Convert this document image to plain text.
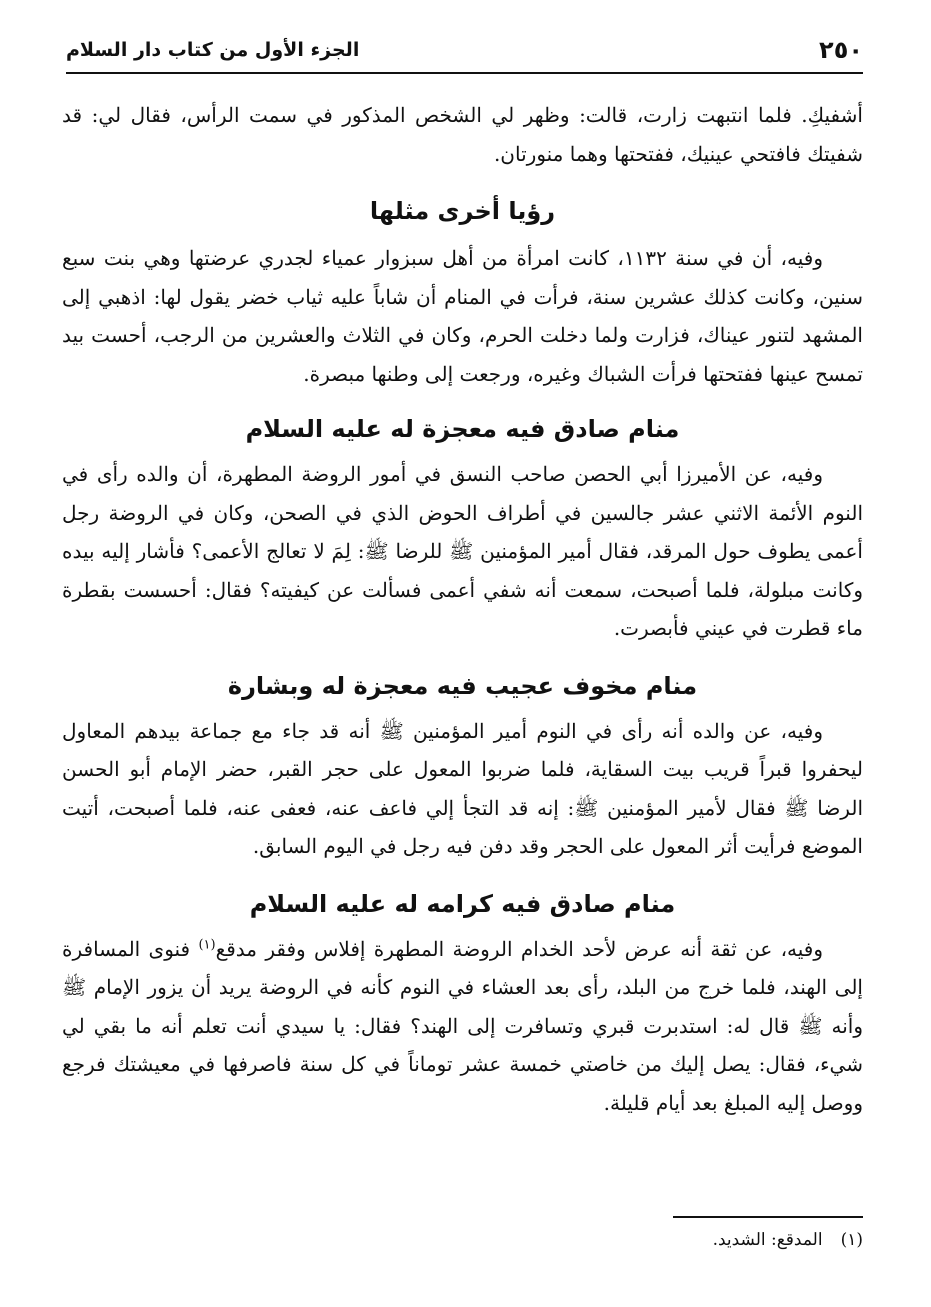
٢٥٠
الجزء الأول من كتاب دار السلام

أشفيكِ. فلما انتبهت زارت، قالت: وظهر لي الشخص المذكور في سمت الرأس، فقال لي: قد شفيتك فافتحي عينيك، ففتحتها وهما منورتان.

رؤيا أخرى مثلها

وفيه، أن في سنة ١١٣٢، كانت امرأة من أهل سبزوار عمياء لجدري عرضتها وهي بنت سبع سنين، وكانت كذلك عشرين سنة، فرأت في المنام أن شاباً عليه ثياب خضر يقول لها: اذهبي إلى المشهد لتنور عيناك، فزارت ولما دخلت الحرم، وكان في الثلاث والعشرين من الرجب، أحست بيد تمسح عينها ففتحتها فرأت الشباك وغيره، ورجعت إلى وطنها مبصرة.

منام صادق فيه معجزة له عليه السلام

وفيه، عن الأميرزا أبي الحصن صاحب النسق في أمور الروضة المطهرة، أن والده رأى في النوم الأئمة الاثني عشر جالسين في أطراف الحوض الذي في الصحن، وكان في الروضة رجل أعمى يطوف حول المرقد، فقال أمير المؤمنين ﷺ للرضا ﷺ: لِمَ لا تعالج الأعمى؟ فأشار إليه بيده وكانت مبلولة، فلما أصبحت، سمعت أنه شفي أعمى فسألت عن كيفيته؟ فقال: أحسست بقطرة ماء قطرت في عيني فأبصرت.

منام مخوف عجيب فيه معجزة له وبشارة

وفيه، عن والده أنه رأى في النوم أمير المؤمنين ﷺ أنه قد جاء مع جماعة بيدهم المعاول ليحفروا قبراً قريب بيت السقاية، فلما ضربوا المعول على حجر القبر، حضر الإمام أبو الحسن الرضا ﷺ فقال لأمير المؤمنين ﷺ: إنه قد التجأ إلي فاعف عنه، فعفى عنه، فلما أصبحت، أتيت الموضع فرأيت أثر المعول على الحجر وقد دفن فيه رجل في اليوم السابق.

منام صادق فيه كرامه له عليه السلام

وفيه، عن ثقة أنه عرض لأحد الخدام الروضة المطهرة إفلاس وفقر مدقع$^{(١)}$ فنوى المسافرة إلى الهند، فلما خرج من البلد، رأى بعد العشاء في النوم كأنه في الروضة يريد أن يزور الإمام ﷺ وأنه ﷺ قال له: استدبرت قبري وتسافرت إلى الهند؟ فقال: يا سيدي أنت تعلم أنه ما بقي لي شيء، فقال: يصل إليك من خاصتي خمسة عشر توماناً في كل سنة فاصرفها في معيشتك فرجع ووصل إليه المبلغ بعد أيام قليلة.

(١)المدقع: الشديد.
